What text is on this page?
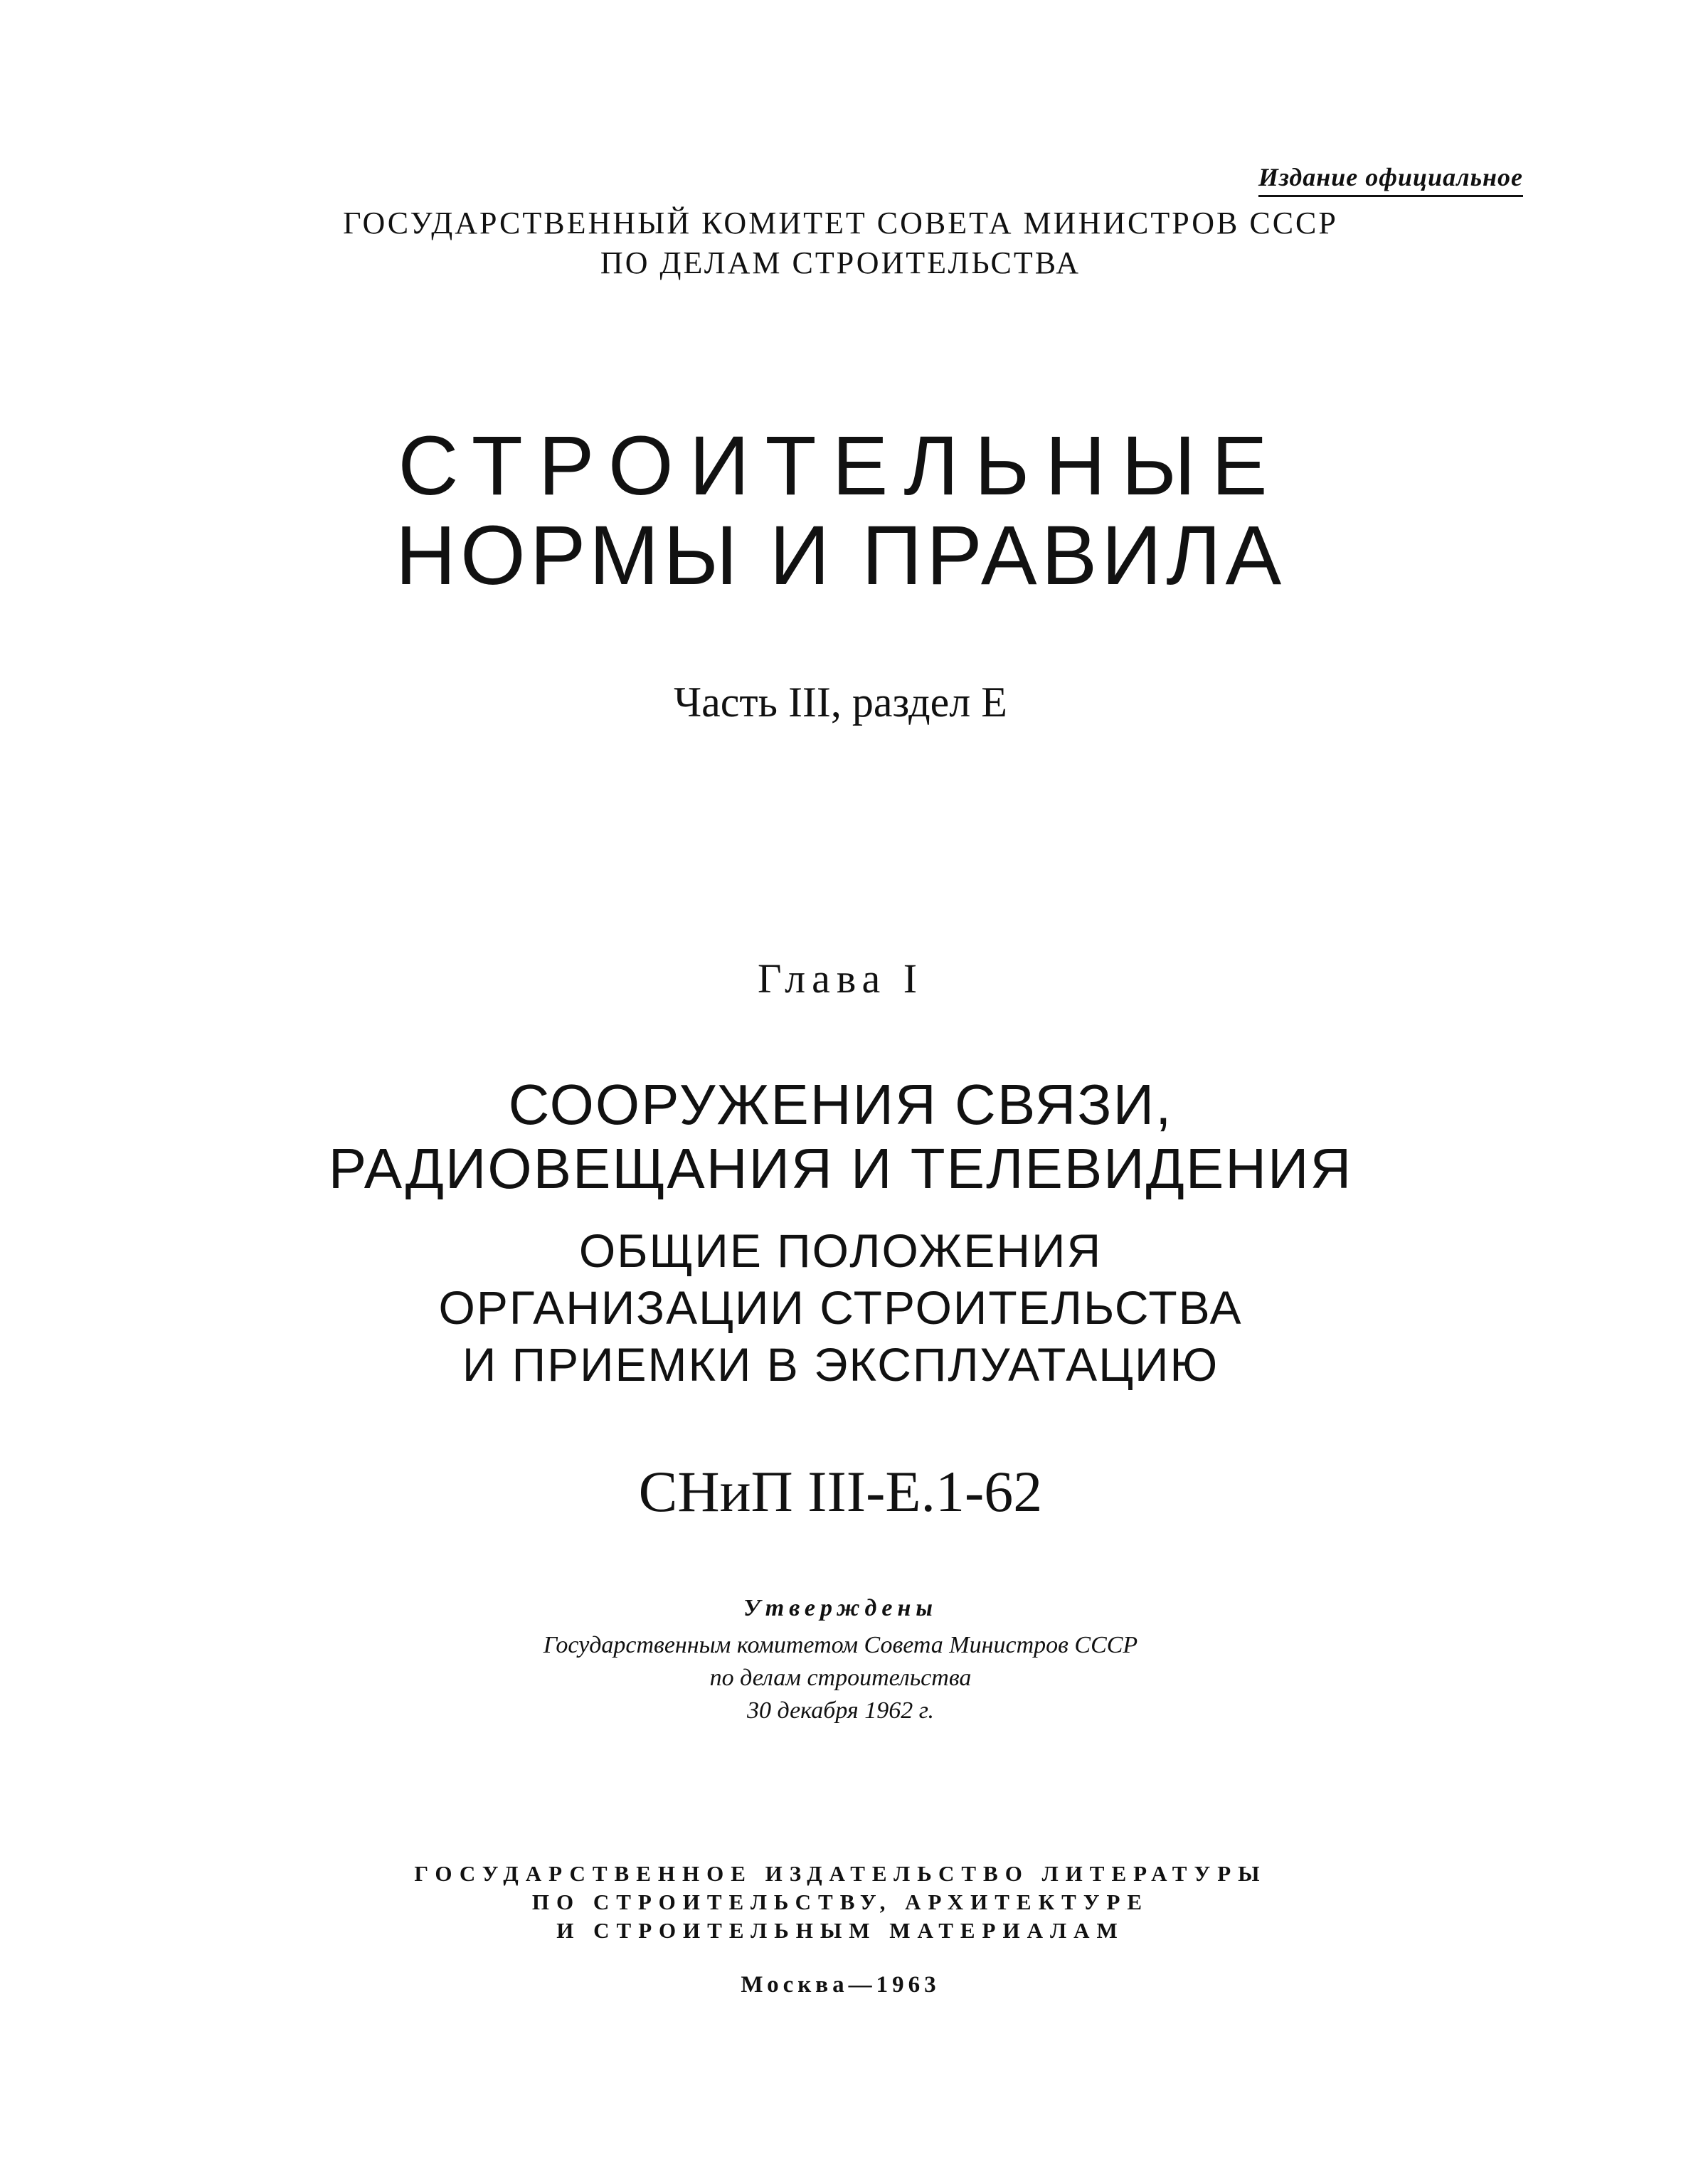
Издание официальное
ГОСУДАРСТВЕННЫЙ КОМИТЕТ СОВЕТА МИНИСТРОВ СССР
ПО ДЕЛАМ СТРОИТЕЛЬСТВА
СТРОИТЕЛЬНЫЕ
НОРМЫ И ПРАВИЛА
Часть III, раздел Е
Глава I
СООРУЖЕНИЯ СВЯЗИ,
РАДИОВЕЩАНИЯ И ТЕЛЕВИДЕНИЯ
ОБЩИЕ ПОЛОЖЕНИЯ
ОРГАНИЗАЦИИ СТРОИТЕЛЬСТВА
И ПРИЕМКИ В ЭКСПЛУАТАЦИЮ
СНиП III-Е.1-62
Утверждены
Государственным комитетом Совета Министров СССР
по делам строительства
30 декабря 1962 г.
ГОСУДАРСТВЕННОЕ ИЗДАТЕЛЬСТВО ЛИТЕРАТУРЫ
ПО СТРОИТЕЛЬСТВУ, АРХИТЕКТУРЕ
И СТРОИТЕЛЬНЫМ МАТЕРИАЛАМ
Москва—1963
